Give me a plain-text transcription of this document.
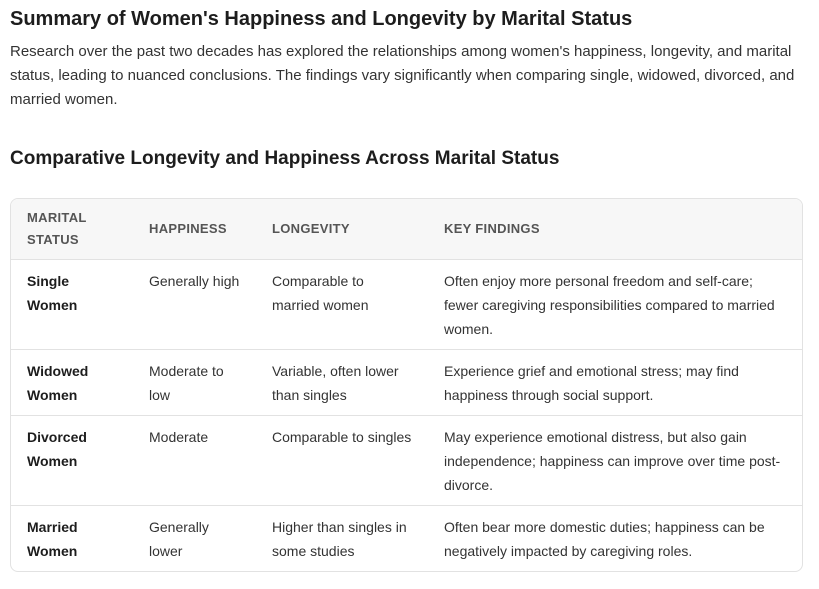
Summary of Women's Happiness and Longevity by Marital Status

Research over the past two decades has explored the relationships among women's happiness, longevity, and marital status, leading to nuanced conclusions. The findings vary significantly when comparing single, widowed, divorced, and married women.

Comparative Longevity and Happiness Across Marital Status
MARITAL STATUS	HAPPINESS	LONGEVITY	KEY FINDINGS
Single Women	Generally high	Comparable to married women	Often enjoy more personal freedom and self-care; fewer caregiving responsibilities compared to married women.
Widowed Women	Moderate to low	Variable, often lower than singles	Experience grief and emotional stress; may find happiness through social support.
Divorced Women	Moderate	Comparable to singles	May experience emotional distress, but also gain independence; happiness can improve over time post-divorce.
Married Women	Generally lower	Higher than singles in some studies	Often bear more domestic duties; happiness can be negatively impacted by caregiving roles.
